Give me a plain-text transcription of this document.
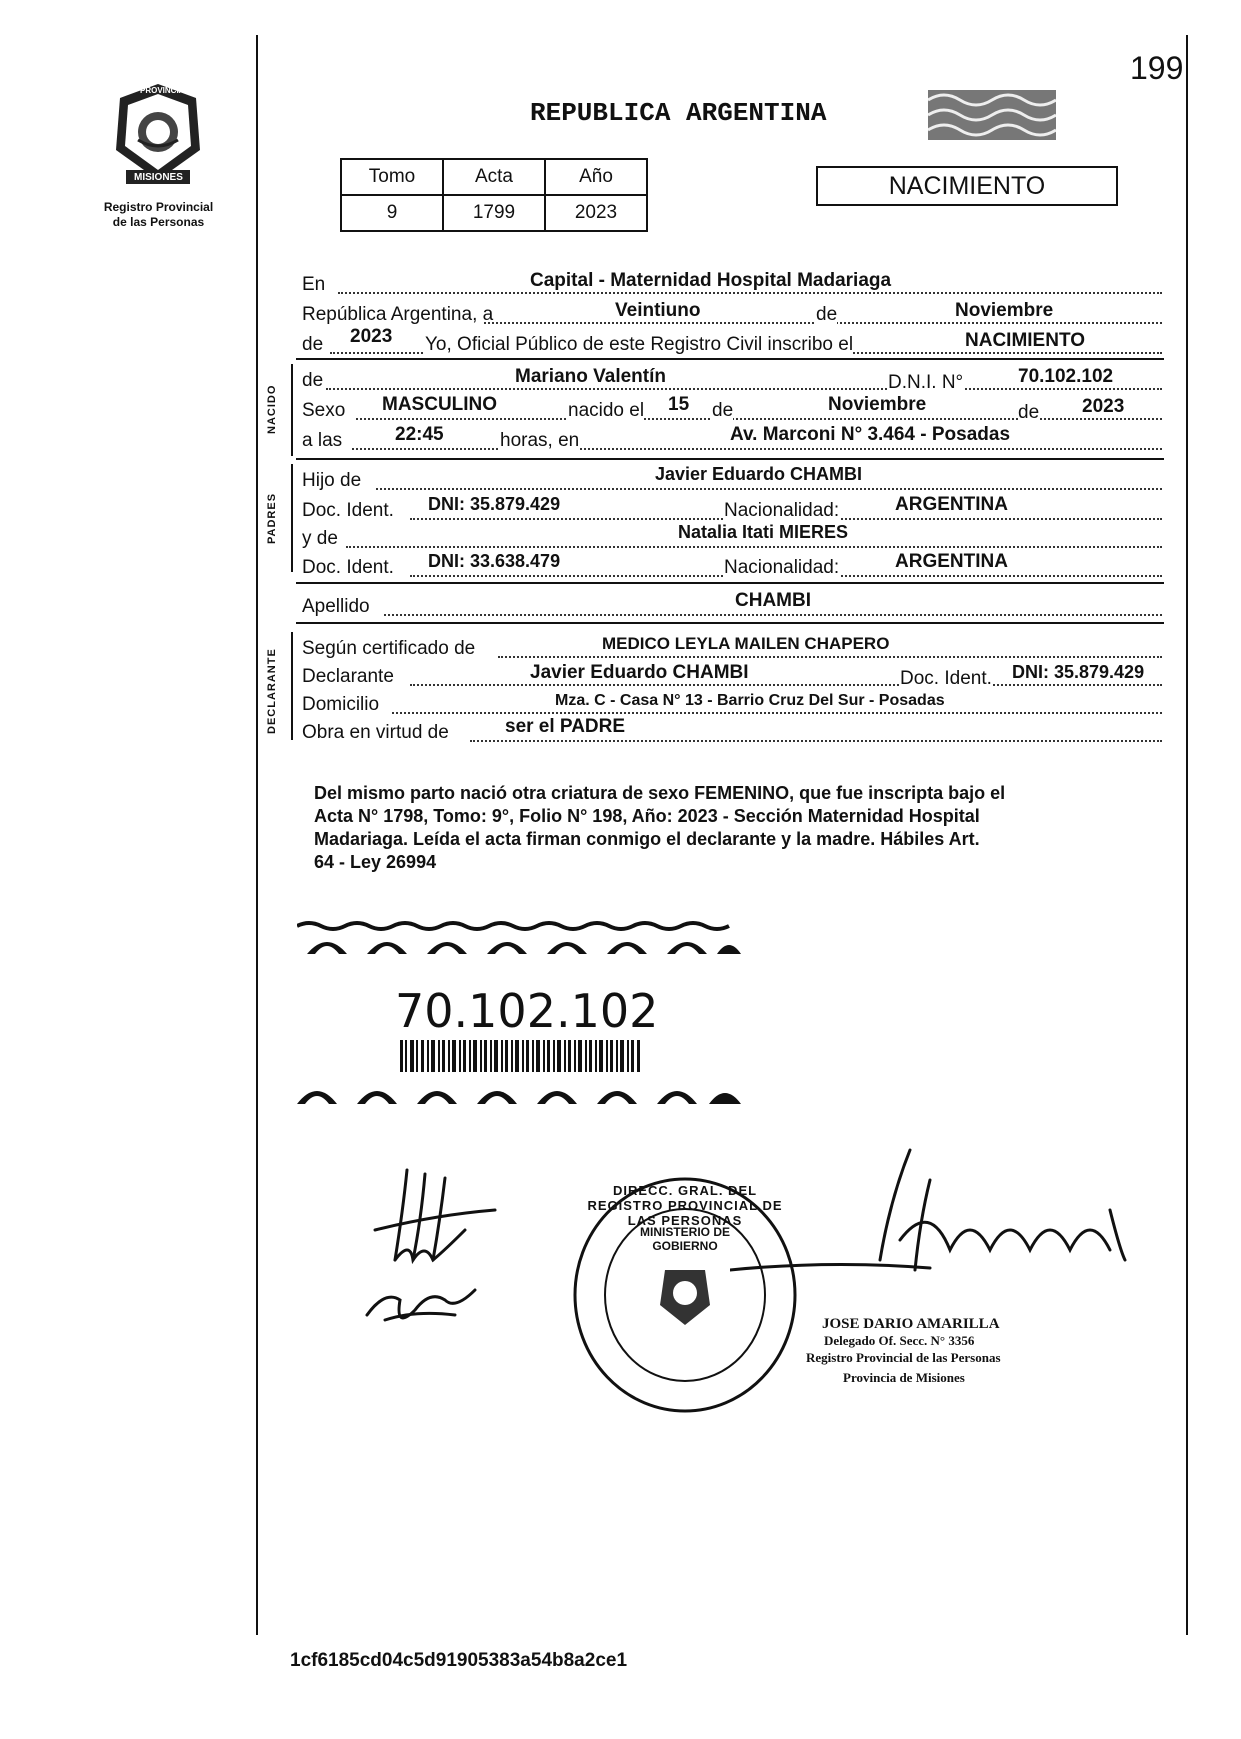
199
PROVINCIA DE
MISIONES
Registro Provincial
de las Personas
REPUBLICA ARGENTINA
Tomo	Acta	Año
9	1799	2023
NACIMIENTO
En	Capital - Maternidad Hospital Madariaga
República Argentina, a	Veintiuno	de	Noviembre
de 2023 Yo, Oficial Público de este Registro Civil inscribo el	NACIMIENTO
NACIDO
de	Mariano Valentín	D.N.I. N°	70.102.102
Sexo MASCULINO	nacido el 15 de	Noviembre	de 2023
a las	22:45	horas, en	Av. Marconi N° 3.464 - Posadas
PADRES
Hijo de	Javier Eduardo CHAMBI
Doc. Ident. DNI: 35.879.429	Nacionalidad:	ARGENTINA
y de	Natalia Itati MIERES
Doc. Ident. DNI: 33.638.479	Nacionalidad:	ARGENTINA
Apellido	CHAMBI
DECLARANTE Según certificado de	MEDICO LEYLA MAILEN CHAPERO
Declarante	Javier Eduardo CHAMBI	Doc. Ident. DNI: 35.879.429
Domicilio	Mza. C - Casa N° 13 - Barrio Cruz Del Sur - Posadas
Obra en virtud de	ser el PADRE
Del mismo parto nació otra criatura de sexo FEMENINO, que fue inscripta bajo el
Acta N° 1798, Tomo: 9°, Folio N° 198, Año: 2023 - Sección Maternidad Hospital
Madariaga. Leída el acta firman conmigo el declarante y la madre. Hábiles Art.
64 - Ley 26994
70.102.102
DIRECC. GRAL. DEL REGISTRO PROVINCIAL DE LAS PERSONAS
MINISTERIO DE GOBIERNO
JOSE DARIO AMARILLA
Delegado Of. Secc. N° 3356
Registro Provincial de las Personas
Provincia de Misiones
1cf6185cd04c5d91905383a54b8a2ce1
